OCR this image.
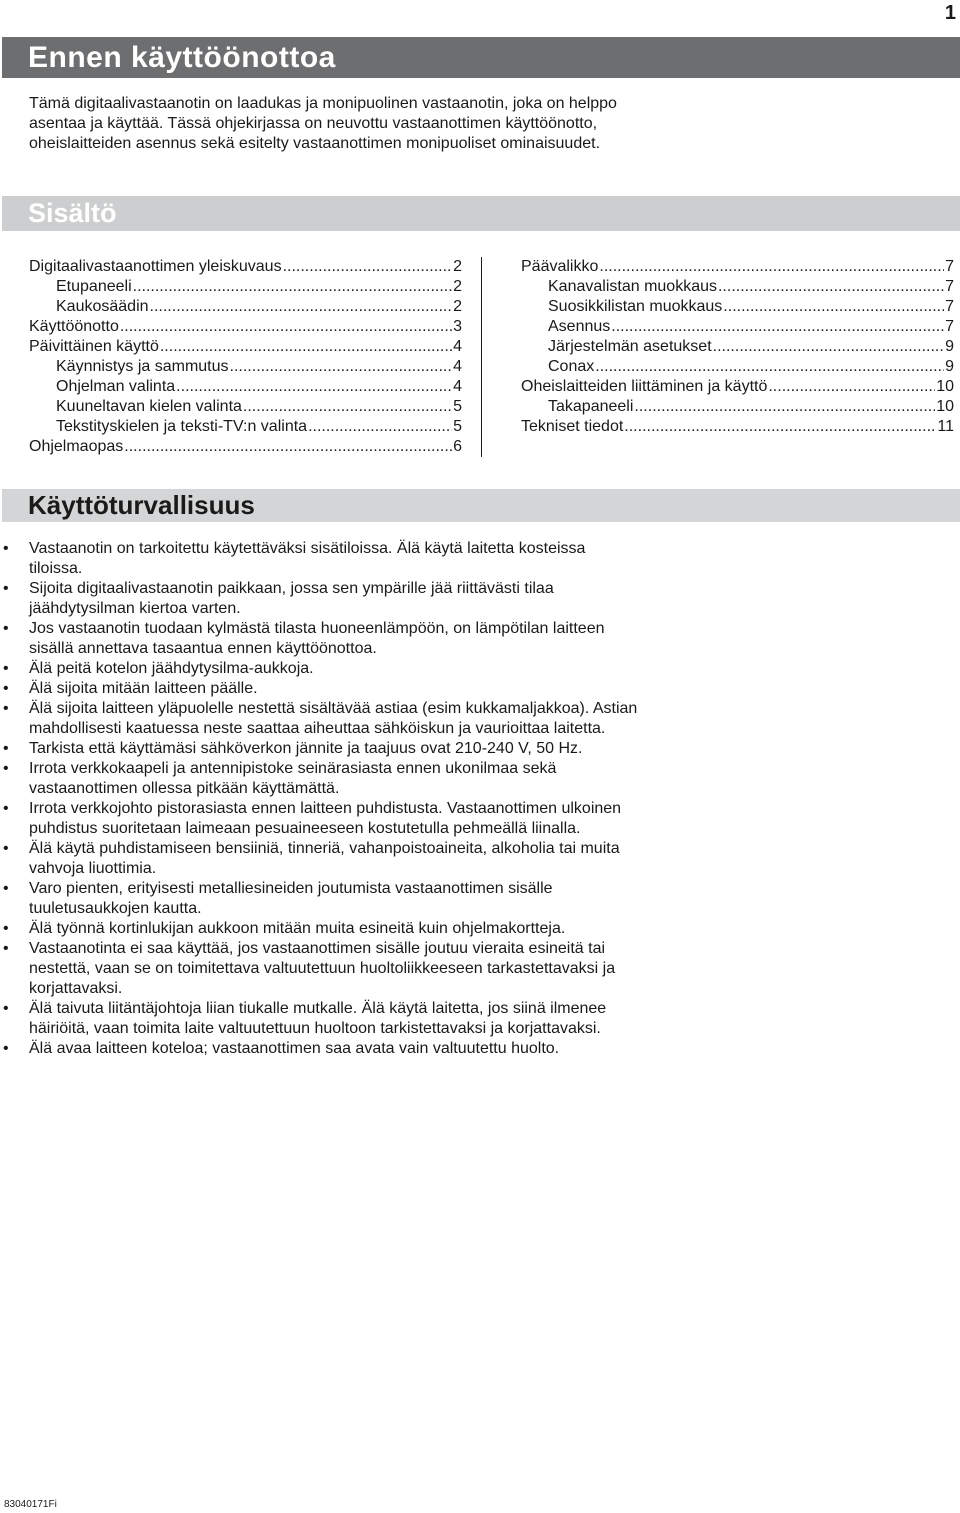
1
Ennen käyttöönottoa

Tämä digitaalivastaanotin on laadukas ja monipuolinen vastaanotin, joka on helppo asentaa ja käyttää. Tässä ohjekirjassa on neuvottu vastaanottimen käyttöönotto, oheislaitteiden asennus sekä esitelty vastaanottimen monipuoliset ominaisuudet.

Sisältö
Digitaalivastaanottimen yleiskuvaus .....	2
Etupaneeli .....	2
Kaukosäädin .....	2
Käyttöönotto .....	3
Päivittäinen käyttö .....	4
Käynnistys ja sammutus .....	4
Ohjelman valinta .....	4
Kuuneltavan kielen valinta .....	5
Tekstityskielen ja teksti-TV:n valinta .....	5
Ohjelmaopas .....	6
Päävalikko .....	7
Kanavalistan muokkaus .....	7
Suosikkilistan muokkaus .....	7
Asennus .....	7
Järjestelmän asetukset .....	9
Conax .....	9
Oheislaitteiden liittäminen ja käyttö .....	10
Takapaneeli .....	10
Tekniset tiedot .....	11
Käyttöturvallisuus
• Vastaanotin on tarkoitettu käytettäväksi sisätiloissa. Älä käytä laitetta kosteissa tiloissa.
• Sijoita digitaalivastaanotin paikkaan, jossa sen ympärille jää riittävästi tilaa jäähdytysilman kiertoa varten.
• Jos vastaanotin tuodaan kylmästä tilasta huoneenlämpöön, on lämpötilan laitteen sisällä annettava tasaantua ennen käyttöönottoa.
• Älä peitä kotelon jäähdytysilma-aukkoja.
• Älä sijoita mitään laitteen päälle.
• Älä sijoita laitteen yläpuolelle nestettä sisältävää astiaa (esim kukkamaljakkoa). Astian mahdollisesti kaatuessa neste saattaa aiheuttaa sähköiskun ja vaurioittaa laitetta.
• Tarkista että käyttämäsi sähköverkon jännite ja taajuus ovat 210-240 V, 50 Hz.
• Irrota verkkokaapeli ja antennipistoke seinärasiasta ennen ukonilmaa sekä vastaanottimen ollessa pitkään käyttämättä.
• Irrota verkkojohto pistorasiasta ennen laitteen puhdistusta. Vastaanottimen ulkoinen puhdistus suoritetaan laimeaan pesuaineeseen kostutetulla pehmeällä liinalla.
• Älä käytä puhdistamiseen bensiiniä, tinneriä, vahanpoistoaineita, alkoholia tai muita vahvoja liuottimia.
• Varo pienten, erityisesti metalliesineiden joutumista vastaanottimen sisälle tuuletusaukkojen kautta.
• Älä työnnä kortinlukijan aukkoon mitään muita esineitä kuin ohjelmakortteja.
• Vastaanotinta ei saa käyttää, jos vastaanottimen sisälle joutuu vieraita esineitä tai nestettä, vaan se on toimitettava valtuutettuun huoltoliikkeeseen tarkastettavaksi ja korjattavaksi.
• Älä taivuta liitäntäjohtoja liian tiukalle mutkalle. Älä käytä laitetta, jos siinä ilmenee häiriöitä, vaan toimita laite valtuutettuun huoltoon tarkistettavaksi ja korjattavaksi.
• Älä avaa laitteen koteloa; vastaanottimen saa avata vain valtuutettu huolto.
83040171Fi
